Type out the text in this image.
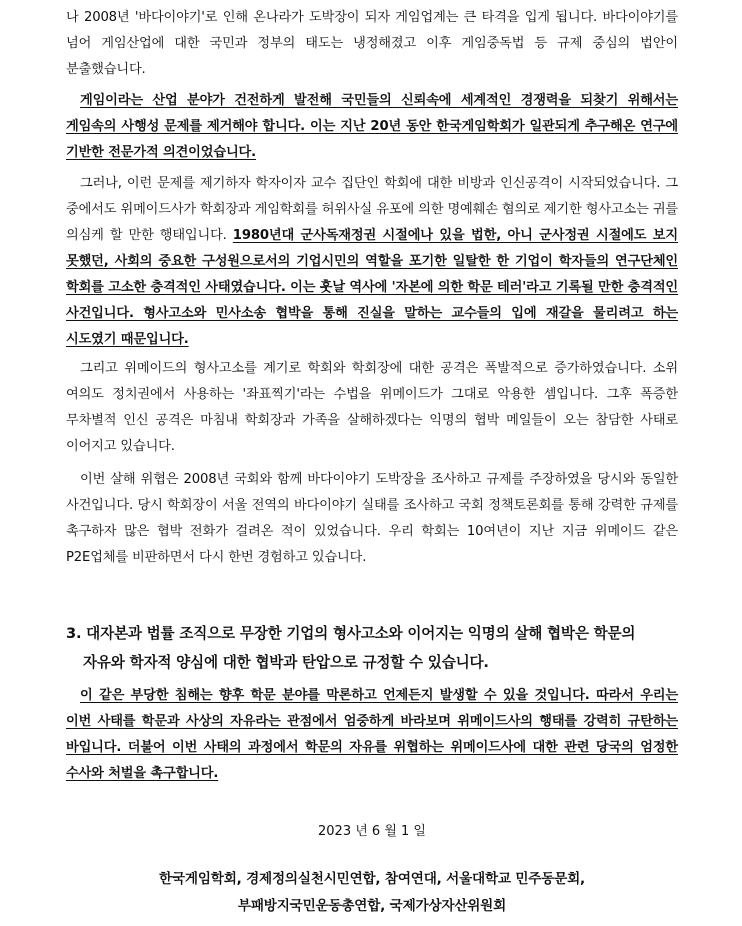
나 2008년 '바다이야기'로 인해 온나라가 도박장이 되자 게임업계는 큰 타격을 입게 됩니다. 바다이야기를 넘어 게임산업에 대한 국민과 정부의 태도는 냉정해졌고 이후 게임중독법 등 규제 중심의 법안이 분출했습니다.

게임이라는 산업 분야가 건전하게 발전해 국민들의 신뢰속에 세계적인 경쟁력을 되찾기 위해서는 게임속의 사행성 문제를 제거해야 합니다. 이는 지난 20년 동안 한국게임학회가 일관되게 추구해온 연구에 기반한 전문가적 의견이었습니다.

그러나, 이런 문제를 제기하자 학자이자 교수 집단인 학회에 대한 비방과 인신공격이 시작되었습니다. 그 중에서도 위메이드사가 학회장과 게임학회를 허위사실 유포에 의한 명예훼손 혐의로 제기한 형사고소는 귀를 의심케 할 만한 행태입니다. 1980년대 군사독재정권 시절에나 있을 법한, 아니 군사정권 시절에도 보지 못했던, 사회의 중요한 구성원으로서의 기업시민의 역할을 포기한 일탈한 한 기업이 학자들의 연구단체인 학회를 고소한 충격적인 사태였습니다. 이는 훗날 역사에 '자본에 의한 학문 테러'라고 기록될 만한 충격적인 사건입니다. 형사고소와 민사소송 협박을 통해 진실을 말하는 교수들의 입에 재갈을 물리려고 하는 시도였기 때문입니다.

그리고 위메이드의 형사고소를 계기로 학회와 학회장에 대한 공격은 폭발적으로 증가하였습니다. 소위 여의도 정치권에서 사용하는 '좌표찍기'라는 수법을 위메이드가 그대로 악용한 셈입니다. 그후 폭증한 무차별적 인신 공격은 마침내 학회장과 가족을 살해하겠다는 익명의 협박 메일들이 오는 참담한 사태로 이어지고 있습니다.

이번 살해 위협은 2008년 국회와 함께 바다이야기 도박장을 조사하고 규제를 주장하였을 당시와 동일한 사건입니다. 당시 학회장이 서울 전역의 바다이야기 실태를 조사하고 국회 정책토론회를 통해 강력한 규제를 촉구하자 많은 협박 전화가 걸려온 적이 있었습니다. 우리 학회는 10여년이 지난 지금 위메이드 같은 P2E업체를 비판하면서 다시 한번 경험하고 있습니다.

3. 대자본과 법률 조직으로 무장한 기업의 형사고소와 이어지는 익명의 살해 협박은 학문의 자유와 학자적 양심에 대한 협박과 탄압으로 규정할 수 있습니다.

이 같은 부당한 침해는 향후 학문 분야를 막론하고 언제든지 발생할 수 있을 것입니다. 따라서 우리는 이번 사태를 학문과 사상의 자유라는 관점에서 엄중하게 바라보며 위메이드사의 행태를 강력히 규탄하는 바입니다. 더불어 이번 사태의 과정에서 학문의 자유를 위협하는 위메이드사에 대한 관련 당국의 엄정한 수사와 처벌을 촉구합니다.

2023 년 6 월 1 일
한국게임학회, 경제정의실천시민연합, 참여연대, 서울대학교 민주동문회,
부패방지국민운동총연합, 국제가상자산위원회
